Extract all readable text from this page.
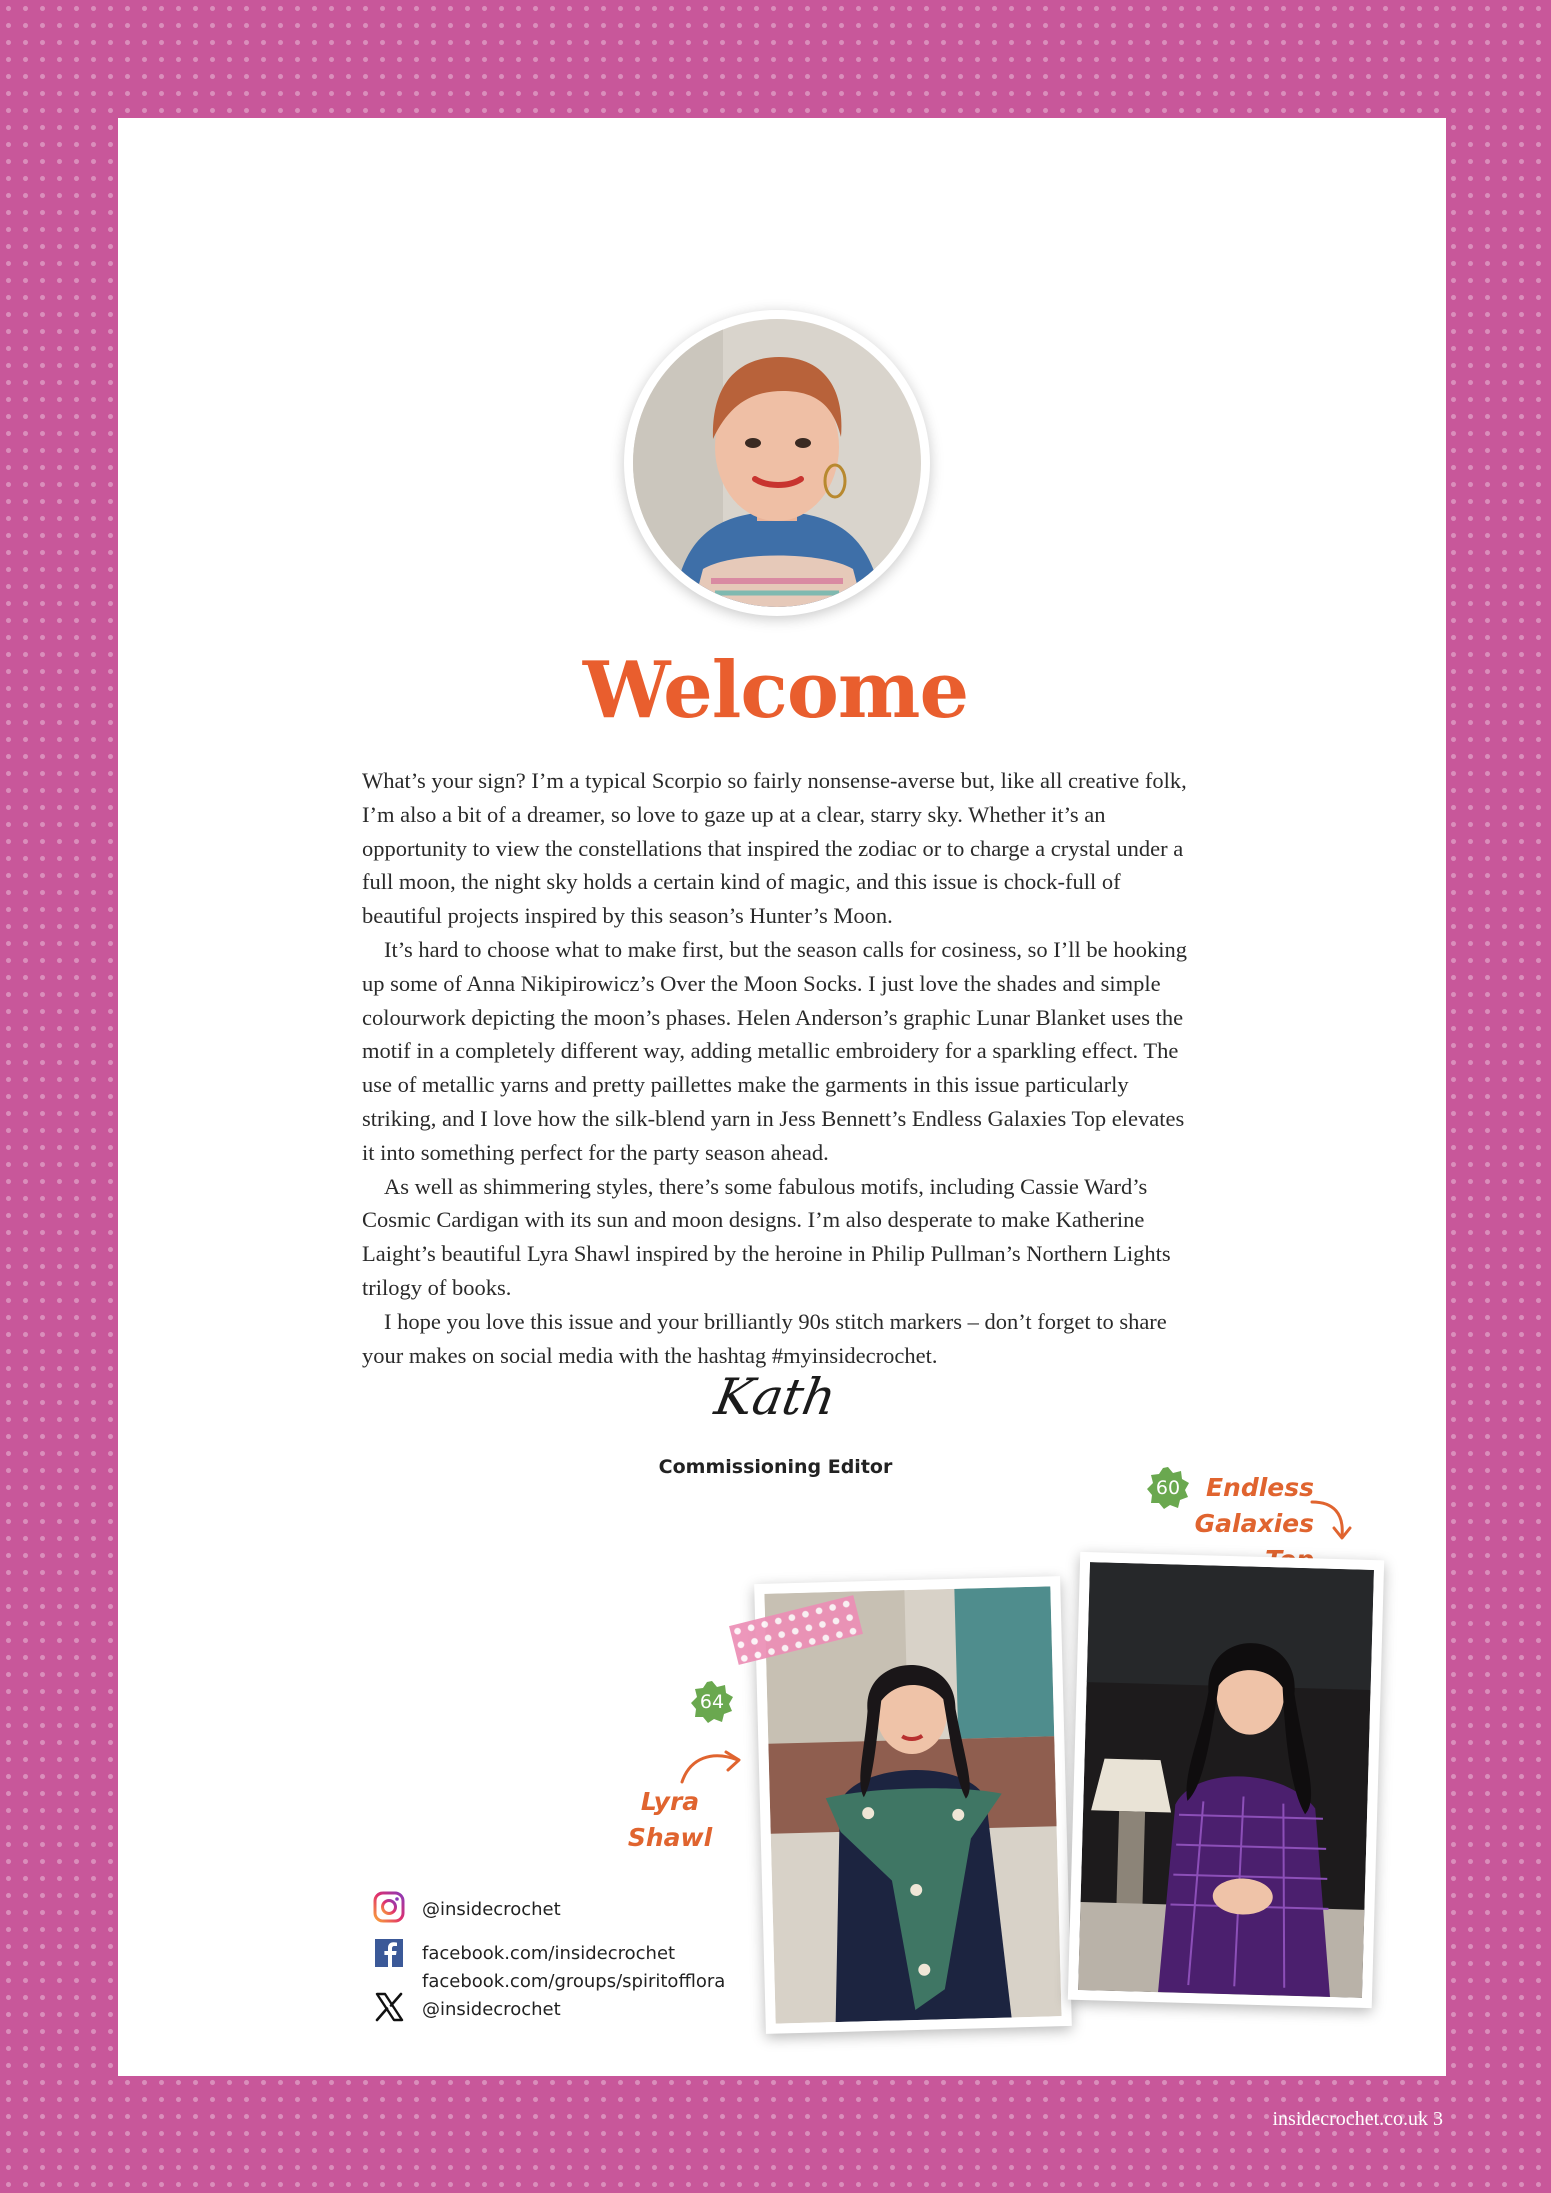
Welcome

What’s your sign? I’m a typical Scorpio so fairly nonsense-averse but, like all creative folk, I’m also a bit of a dreamer, so love to gaze up at a clear, starry sky. Whether it’s an opportunity to view the constellations that inspired the zodiac or to charge a crystal under a full moon, the night sky holds a certain kind of magic, and this issue is chock-full of beautiful projects inspired by this season’s Hunter’s Moon.

It’s hard to choose what to make first, but the season calls for cosiness, so I’ll be hooking up some of Anna Nikipirowicz’s Over the Moon Socks. I just love the shades and simple colourwork depicting the moon’s phases. Helen Anderson’s graphic Lunar Blanket uses the motif in a completely different way, adding metallic embroidery for a sparkling effect. The use of metallic yarns and pretty paillettes make the garments in this issue particularly striking, and I love how the silk-blend yarn in Jess Bennett’s Endless Galaxies Top elevates it into something perfect for the party season ahead.

As well as shimmering styles, there’s some fabulous motifs, including Cassie Ward’s Cosmic Cardigan with its sun and moon designs. I’m also desperate to make Katherine Laight’s beautiful Lyra Shawl inspired by the heroine in Philip Pullman’s Northern Lights trilogy of books.

I hope you love this issue and your brilliantly 90s stitch markers – don’t forget to share your makes on social media with the hashtag #myinsidecrochet.

Kath
Commissioning Editor
60	Endless
Galaxies
64
Lyra Shawl
@insidecrochet
facebook.com/insidecrochet
facebook.com/groups/spiritofflora
@insidecrochet
insidecrochet.co.uk 3
